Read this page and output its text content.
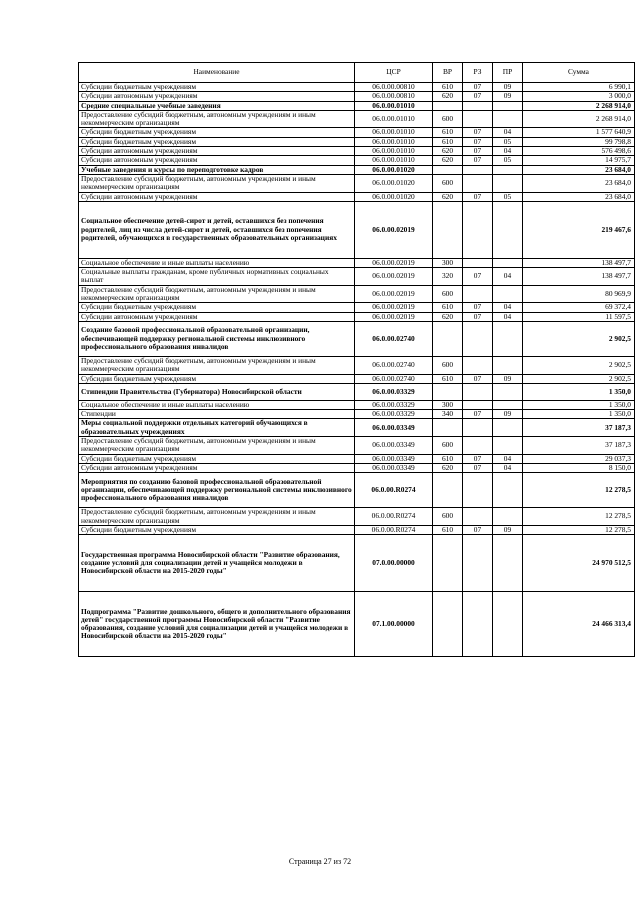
Наименование	ЦСР	ВР	РЗ	ПР	Сумма
Субсидии бюджетным учреждениям	06.0.00.00810	610	07	09	6 990,1
Субсидии автономным учреждениям	06.0.00.00810	620	07	09	3 000,0
Средние специальные учебные заведения	06.0.00.01010				2 268 914,0
Предоставление субсидий бюджетным, автономным учреждениям и иным некоммерческим организациям	06.0.00.01010	600			2 268 914,0
Субсидии бюджетным учреждениям	06.0.00.01010	610	07	04	1 577 640,9
Субсидии бюджетным учреждениям	06.0.00.01010	610	07	05	99 798,8
Субсидии автономным учреждениям	06.0.00.01010	620	07	04	576 498,6
Субсидии автономным учреждениям	06.0.00.01010	620	07	05	14 975,7
Учебные заведения и курсы по переподготовке кадров	06.0.00.01020				23 684,0
Предоставление субсидий бюджетным, автономным учреждениям и иным некоммерческим организациям	06.0.00.01020	600			23 684,0
Субсидии автономным учреждениям	06.0.00.01020	620	07	05	23 684,0
Социальное обеспечение детей-сирот и детей, оставшихся без попечения родителей, лиц из числа детей-сирот и детей, оставшихся без попечения родителей, обучающихся в государственных образовательных организациях	06.0.00.02019				219 467,6
Социальное обеспечение и иные выплаты населению	06.0.00.02019	300			138 497,7
Социальные выплаты гражданам, кроме публичных нормативных социальных выплат	06.0.00.02019	320	07	04	138 497,7
Предоставление субсидий бюджетным, автономным учреждениям и иным некоммерческим организациям	06.0.00.02019	600			80 969,9
Субсидии бюджетным учреждениям	06.0.00.02019	610	07	04	69 372,4
Субсидии автономным учреждениям	06.0.00.02019	620	07	04	11 597,5
Создание базовой профессиональной образовательной организации, обеспечивающей поддержку региональной системы инклюзивного профессионального образования инвалидов	06.0.00.02740				2 902,5
Предоставление субсидий бюджетным, автономным учреждениям и иным некоммерческим организациям	06.0.00.02740	600			2 902,5
Субсидии бюджетным учреждениям	06.0.00.02740	610	07	09	2 902,5
Стипендии Правительства (Губернатора) Новосибирской области	06.0.00.03329				1 350,0
Социальное обеспечение и иные выплаты населению	06.0.00.03329	300			1 350,0
Стипендии	06.0.00.03329	340	07	09	1 350,0
Меры социальной поддержки отдельных категорий обучающихся в образовательных учреждениях	06.0.00.03349				37 187,3
Предоставление субсидий бюджетным, автономным учреждениям и иным некоммерческим организациям	06.0.00.03349	600			37 187,3
Субсидии бюджетным учреждениям	06.0.00.03349	610	07	04	29 037,3
Субсидии автономным учреждениям	06.0.00.03349	620	07	04	8 150,0
Мероприятия по созданию базовой профессиональной образовательной организации, обеспечивающей поддержку региональной системы инклюзивного профессионального образования инвалидов	06.0.00.R0274				12 278,5
Предоставление субсидий бюджетным, автономным учреждениям и иным некоммерческим организациям	06.0.00.R0274	600			12 278,5
Субсидии бюджетным учреждениям	06.0.00.R0274	610	07	09	12 278,5
Государственная программа Новосибирской области "Развитие образования, создание условий для социализации детей и учащейся молодежи в Новосибирской области на 2015-2020 годы"	07.0.00.00000				24 970 512,5
Подпрограмма "Развитие дошкольного, общего и дополнительного образования детей" государственной программы Новосибирской области "Развитие образования, создание условий для социализации детей и учащейся молодежи в Новосибирской области на 2015-2020 годы"	07.1.00.00000				24 466 313,4
Страница 27 из 72
